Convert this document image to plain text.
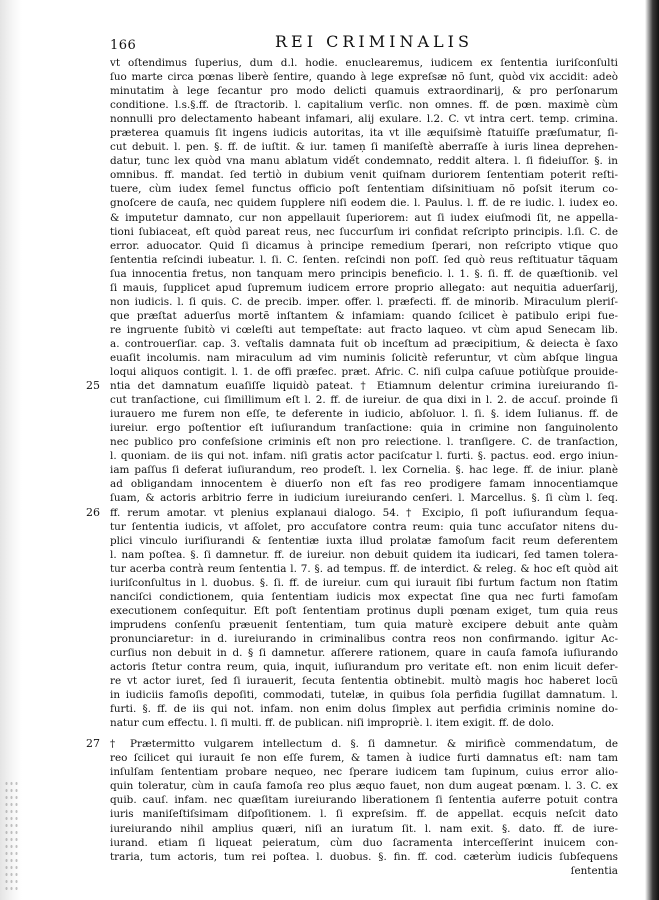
166	REI CRIMINALIS
vt oſtendimus ſuperius, dum d.l. hodie. enuclearemus, iudicem ex ſententia iuriſconſulti
ſuo marte circa pœnas liberè ſentire, quando à lege expreſsæ nõ ſunt, quòd vix accidit: adeò
minutatim à lege ſecantur pro modo delicti quamuis extraordinarij, & pro perſonarum
conditione. l.s.§.ff. de ſtractorib. l. capitalium verſic. non omnes. ff. de pœn. maximè cùm
nonnulli pro delectamento habeant infamari, alij exulare. l.2. C. vt intra cert. temp. crimina.
præterea quamuis ſit ingens iudicis autoritas, ita vt ille æquiſsimè ſtatuiſſe præſumatur, ſi-
cut debuit. l. pen. §. ff. de iuſtit. & iur. tameņ ſi maniſeſtè aberraſſe à iuris linea deprehen-
datur, tunc lex quòd vna manu ablatum vidết condemnato, reddit altera. l. ſi fideiuſſor. §. in
omnibus. ff. mandat. ſed tertiò in dubium venit quiſnam duriorem ſententiam poterit reſti-
tuere, cùm iudex ſemel functus officio poſt ſententiam diſsinitiuam nõ poſsit iterum co-
gnoſcere de cauſa, nec quidem ſupplere niſi eodem die. l. Paulus. l. ff. de re iudic. l. iudex eo.
& imputetur damnato, cur non appellauit ſuperiorem: aut ſi iudex eiuſmodi ſit, ne appella-
tioni ſubiaceat, eſt quòd pareat reus, nec ſuccurſum iri confidat reſcripto principis. l.ſi. C. de
error. aduocator. Quid ſi dicamus à principe remedium ſperari, non reſcripto vtique quo
ſententia reſcindi iubeatur. l. ſi. C. ſenten. reſcindi non poſſ. ſed quò reus reſtituatur tãquam
ſua innocentia fretus, non tanquam mero principis beneficio. l. 1. §. ſi. ff. de quæſtionib. vel
ſi mauis, ſupplicet apud ſupremum iudicem errore proprio allegato: aut nequitia aduerſarij,
non iudicis. l. ſi quis. C. de precib. imper. offer. l. præfecti. ff. de minorib. Miraculum pleriſ-
que præſtat aduerſus mortẽ inſtantem & infamiam: quando ſcilicet è patibulo eripi fue-
re ingruente ſubitò vi cœleſti aut tempeſtate: aut fracto laqueo. vt cùm apud Senecam lib.
a. controuerſiar. cap. 3. veſtalis damnata fuit ob inceſtum ad præcipitium, & deiecta è ſaxo
euaſit incolumis. nam miraculum ad vim numinis ſolicitè referuntur, vt cùm abſque lingua
loqui aliquos contigit. l. 1. de offi præfec. præt. Afric. C. niſi culpa caſuue potiùſque prouide-
25 ntia det damnatum euaſiſſe liquidò pateat. † Etiamnum delentur crimina iureiurando ſi-
cut tranſactione, cui ſimillimum eſt l. 2. ff. de iureiur. de qua dixi in l. 2. de accuſ. proinde ſi
iurauero me furem non eſſe, te deferente in iudicio, abſoluor. l. ſi. §. idem Iulianus. ff. de
iureiur. ergo poſtentior eſt iuſiurandum tranſactione: quia in crimine non ſanguinolento
nec publico pro confeſsione criminis eſt non pro reiectione. l. tranſigere. C. de tranſaction,
l. quoniam. de iis qui not. infam. niſi gratis actor paciſcatur l. furti. §. pactus. eod. ergo iniun-
iam paſſus ſi deferat iuſiurandum, reo prodeſt. l. lex Cornelia. §. hac lege. ff. de iniur. planè
ad obligandam innocentem è diuerſo non eſt fas reo prodigere famam innocentiamque
ſuam, & actoris arbitrio ferre in iudicium iureiurando cenſeri. l. Marcellus. §. ſi cùm l. ſeq.
26 ff. rerum amotar. vt plenius explanaui dialogo. 54. † Excipio, ſi poſt iuſiurandum ſequa-
tur ſententia iudicis, vt aſſolet, pro accuſatore contra reum: quia tunc accuſator nitens du-
plici vinculo iuriſiurandi & ſententiæ iuxta illud prolatæ famoſum facit reum deferentem
l. nam poſtea. §. ſi damnetur. ff. de iureiur. non debuit quidem ita iudicari, ſed tamen tolera-
tur acerba contrà reum ſententia l. 7. §. ad tempus. ff. de interdict. & releg. & hoc eſt quòd ait
iuriſconſultus in l. duobus. §. ſi. ff. de iureiur. cum qui iurauit ſibi furtum factum non ſtatim
nanciſci condictionem, quia ſententiam iudicis mox expectat ſine qua nec furti famoſam
executionem conſequitur. Eſt poſt ſententiam protinus dupli pœnam exiget, tum quia reus
imprudens conſenſu præuenit ſententiam, tum quia maturè excipere debuit ante quàm
pronunciaretur: in d. iureiurando in criminalibus contra reos non confirmando. igitur Ac-
curſius non debuit in d. § ſi damnetur. aſſerere rationem, quare in cauſa famoſa iuſiurando
actoris ſtetur contra reum, quia, inquit, iuſiurandum pro veritate eſt. non enim licuit defer-
re vt actor iuret, ſed ſi iurauerit, ſecuta ſententia obtinebit. multò magis hoc haberet locũ
in iudiciis famoſis depoſiti, commodati, tutelæ, in quibus ſola perfidia ſugillat damnatum. l.
furti. §. ff. de iis qui not. infam. non enim dolus ſimplex aut perfidia criminis nomine do-
natur cum effectu. l. ſi multi. ff. de publican. niſi impropriè. l. item exigit. ff. de dolo.
27 † Prætermitto vulgarem intellectum d. §. ſi damnetur. & mirificè commendatum, de
reo ſcilicet qui iurauit ſe non eſſe furem, & tamen à iudice furti damnatus eſt: nam tam
inſulſam ſententiam probare nequeo, nec ſperare iudicem tam ſupinum, cuius error alio-
quin toleratur, cùm in cauſa famoſa reo plus æquo fauet, non dum augeat pœnam. l. 3. C. ex
quib. cauſ. infam. nec quæſitam iureiurando liberationem ſi ſententia auferre potuit contra
iuris maniſeſtiſsimam diſpoſitionem. l. ſi expreſsim. ff. de appellat. ecquis neſcit dato
iureiurando nihil amplius quæri, niſi an iuratum ſit. l. nam exit. §. dato. ff. de iure-
iurand. etiam ſi liqueat peieratum, cùm duo ſacramenta interceſſerint inuicem con-
traria, tum actoris, tum rei poſtea. l. duobus. §. fin. ff. cod. cæterùm iudicis ſubſequens
ſententia
